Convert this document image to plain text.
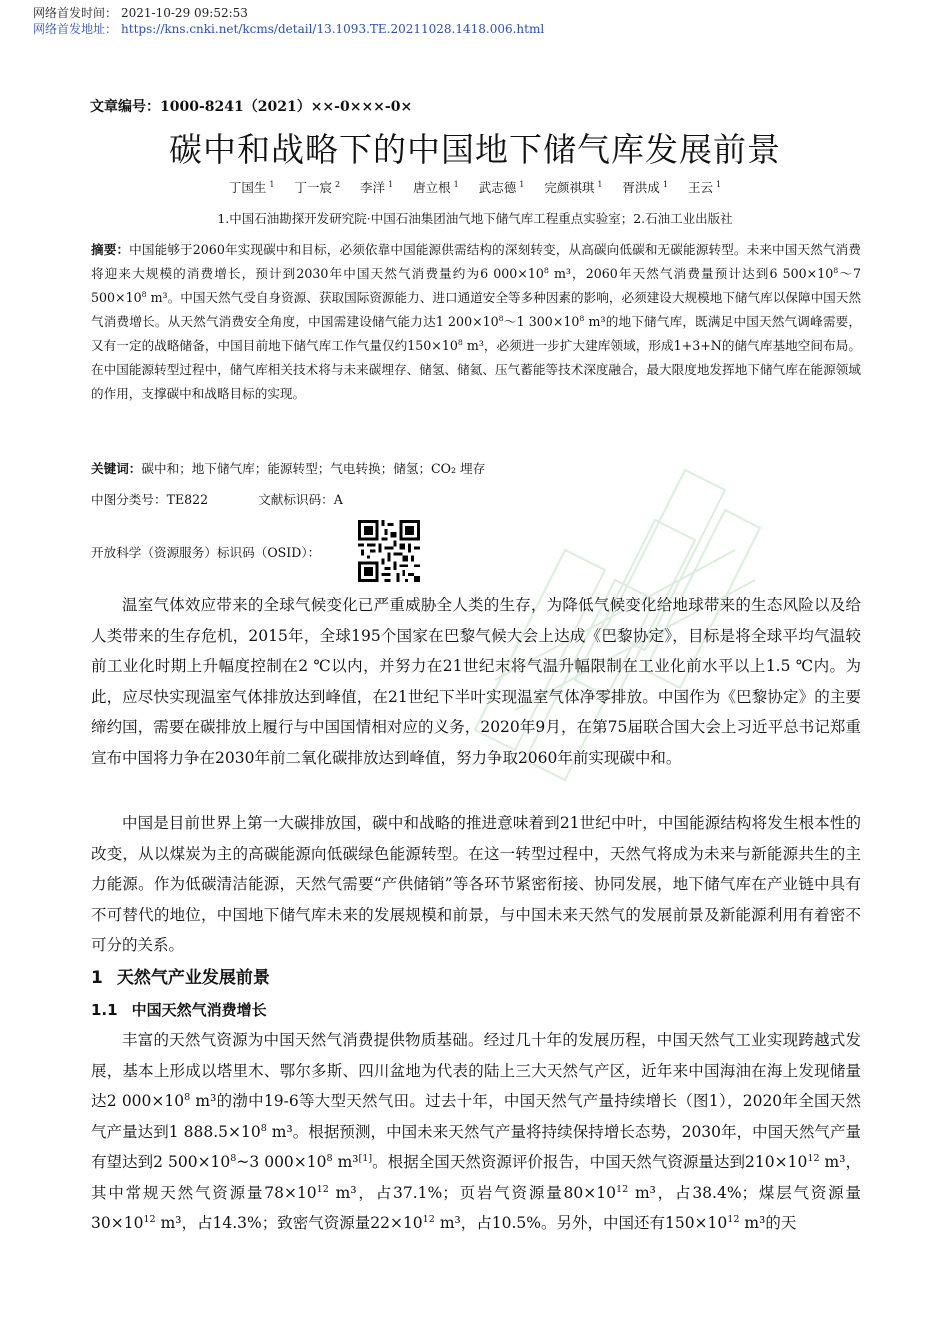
网络首发时间： 2021-10-29 09:52:53
网络首发地址： https://kns.cnki.net/kcms/detail/13.1093.TE.20211028.1418.006.html
文章编号：1000-8241（2021）××-0×××-0×
碳中和战略下的中国地下储气库发展前景
丁国生 $^1$ 丁一宸 $^2$ 李洋 $^1$ 唐立根 $^1$ 武志德 $^1$ 完颜祺琪 $^1$ 胥洪成 $^1$ 王云 $^1$
1.中国石油勘探开发研究院·中国石油集团油气地下储气库工程重点实验室；2.石油工业出版社
摘要：中国能够于2060年实现碳中和目标，必须依靠中国能源供需结构的深刻转变，从高碳向低碳和无碳能源转型。未来中国天然气消费将迎来大规模的消费增长，预计到2030年中国天然气消费量约为6 $000\times 10^8$ m³，2060年天然气消费量预计达到6 $500\times 10^8\sim 7$ $500\times 10^8$ m³。中国天然气受自身资源、获取国际资源能力、进口通道安全等多种因素的影响，必须建设大规模地下储气库以保障中国天然气消费增长。从天然气消费安全角度，中国需建设储气能力达1 $200\times 10^8\sim 1$ $300\times 10^8$ m³的地下储气库，既满足中国天然气调峰需要，又有一定的战略储备，中国目前地下储气库工作气量仅约$150\times 10^8$ m³，必须进一步扩大建库领域，形成1+3+N的储气库基地空间布局。在中国能源转型过程中，储气库相关技术将与未来碳埋存、储氢、储氦、压气蓄能等技术深度融合，最大限度地发挥地下储气库在能源领域的作用，支撑碳中和战略目标的实现。
关键词：碳中和；地下储气库；能源转型；气电转换；储氢；CO₂ 埋存
中图分类号：TE822	文献标识码：A
开放科学（资源服务）标识码（OSID）：

温室气体效应带来的全球气候变化已严重威胁全人类的生存，为降低气候变化给地球带来的生态风险以及给人类带来的生存危机，2015年，全球195个国家在巴黎气候大会上达成《巴黎协定》，目标是将全球平均气温较前工业化时期上升幅度控制在2 ℃以内，并努力在21世纪末将气温升幅限制在工业化前水平以上1.5 ℃内。为此，应尽快实现温室气体排放达到峰值，在21世纪下半叶实现温室气体净零排放。中国作为《巴黎协定》的主要缔约国，需要在碳排放上履行与中国国情相对应的义务，2020年9月，在第75届联合国大会上习近平总书记郑重宣布中国将力争在2030年前二氧化碳排放达到峰值，努力争取2060年前实现碳中和。

中国是目前世界上第一大碳排放国，碳中和战略的推进意味着到21世纪中叶，中国能源结构将发生根本性的改变，从以煤炭为主的高碳能源向低碳绿色能源转型。在这一转型过程中，天然气将成为未来与新能源共生的主力能源。作为低碳清洁能源，天然气需要“产供储销”等各环节紧密衔接、协同发展，地下储气库在产业链中具有不可替代的地位，中国地下储气库未来的发展规模和前景，与中国未来天然气的发展前景及新能源利用有着密不可分的关系。

1 天然气产业发展前景
1.1 中国天然气消费增长

丰富的天然气资源为中国天然气消费提供物质基础。经过几十年的发展历程，中国天然气工业实现跨越式发展，基本上形成以塔里木、鄂尔多斯、四川盆地为代表的陆上三大天然气产区，近年来中国海油在海上发现储量达2 $000\times 10^8$ m³的渤中19-6等大型天然气田。过去十年，中国天然气产量持续增长（图1），2020年全国天然气产量达到1 $888.5\times 10^8$ m³。根据预测，中国未来天然气产量将持续保持增长态势，2030年，中国天然气产量有望达到2 $500\times 10^8\sim 3$ $000\times 10^8$ m³[1]。根据全国天然资源评价报告，中国天然气资源量达到$210\times 10^{12}$ m³，其中常规天然气资源量$78\times 10^{12}$ m³，占37.1%；页岩气资源量$80\times 10^{12}$ m³，占38.4%；煤层气资源量$30\times 10^{12}$ m³，占14.3%；致密气资源量$22\times 10^{12}$ m³，占10.5%。另外，中国还有$150\times 10^{12}$ m³的天
